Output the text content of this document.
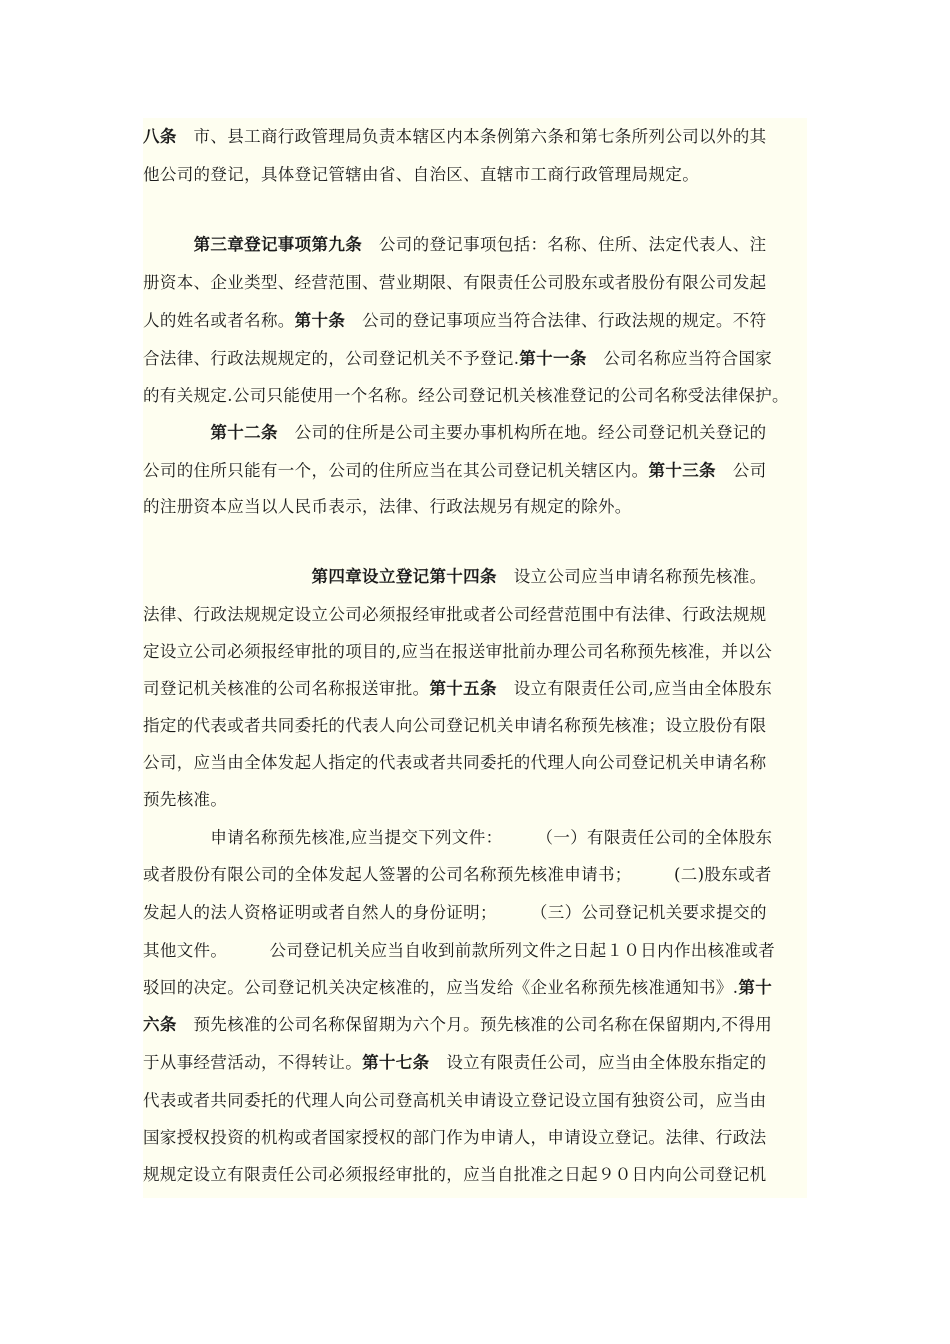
八条　市、县工商行政管理局负责本辖区内本条例第六条和第七条所列公司以外的其
他公司的登记，具体登记管辖由省、自治区、直辖市工商行政管理局规定。
　　　第三章登记事项第九条　公司的登记事项包括：名称、住所、法定代表人、注
册资本、企业类型、经营范围、营业期限、有限责任公司股东或者股份有限公司发起
人的姓名或者名称。第十条　公司的登记事项应当符合法律、行政法规的规定。不符
合法律、行政法规规定的，公司登记机关不予登记.第十一条　公司名称应当符合国家
的有关规定.公司只能使用一个名称。经公司登记机关核准登记的公司名称受法律保护。
　　　　第十二条　公司的住所是公司主要办事机构所在地。经公司登记机关登记的
公司的住所只能有一个，公司的住所应当在其公司登记机关辖区内。第十三条　公司
的注册资本应当以人民币表示，法律、行政法规另有规定的除外。
　　　　　　　　　　第四章设立登记第十四条　设立公司应当申请名称预先核准。
法律、行政法规规定设立公司必须报经审批或者公司经营范围中有法律、行政法规规
定设立公司必须报经审批的项目的,应当在报送审批前办理公司名称预先核准，并以公
司登记机关核准的公司名称报送审批。第十五条　设立有限责任公司,应当由全体股东
指定的代表或者共同委托的代表人向公司登记机关申请名称预先核准；设立股份有限
公司，应当由全体发起人指定的代表或者共同委托的代理人向公司登记机关申请名称
预先核准。
　　　　申请名称预先核准,应当提交下列文件：　　　（一）有限责任公司的全体股东
或者股份有限公司的全体发起人签署的公司名称预先核准申请书；　　　(二)股东或者
发起人的法人资格证明或者自然人的身份证明；　　　（三）公司登记机关要求提交的
其他文件。　　　公司登记机关应当自收到前款所列文件之日起１０日内作出核准或者
驳回的决定。公司登记机关决定核准的，应当发给《企业名称预先核准通知书》.第十
六条　预先核准的公司名称保留期为六个月。预先核准的公司名称在保留期内,不得用
于从事经营活动，不得转让。第十七条　设立有限责任公司，应当由全体股东指定的
代表或者共同委托的代理人向公司登高机关申请设立登记设立国有独资公司，应当由
国家授权投资的机构或者国家授权的部门作为申请人，申请设立登记。法律、行政法
规规定设立有限责任公司必须报经审批的，应当自批准之日起９０日内向公司登记机
